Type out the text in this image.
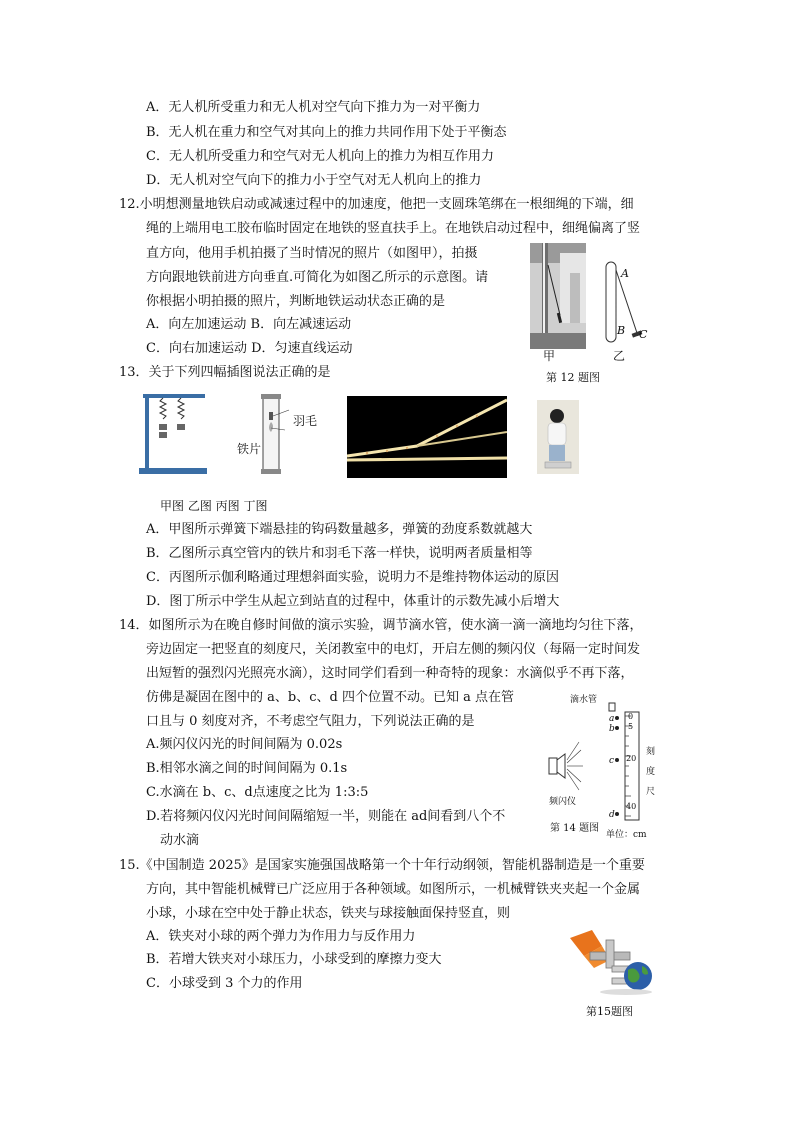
A．无人机所受重力和无人机对空气向下推力为一对平衡力
B．无人机在重力和空气对其向上的推力共同作用下处于平衡态
C．无人机所受重力和空气对无人机向上的推力为相互作用力
D．无人机对空气向下的推力小于空气对无人机向上的推力
12.小明想测量地铁启动或减速过程中的加速度，他把一支圆珠笔绑在一根细绳的下端，细
绳的上端用电工胶布临时固定在地铁的竖直扶手上。在地铁启动过程中，细绳偏离了竖
直方向，他用手机拍摄了当时情况的照片（如图甲），拍摄
方向跟地铁前进方向垂直.可简化为如图乙所示的示意图。请
你根据小明拍摄的照片，判断地铁运动状态正确的是
A．向左加速运动 B．向左减速运动
C．向右加速运动 D．匀速直线运动	甲
A
B C
乙
第 12 题图
13．关于下列四幅插图说法正确的是
羽毛
铁片
甲图 乙图 丙图 丁图
A．甲图所示弹簧下端悬挂的钩码数量越多，弹簧的劲度系数就越大
B．乙图所示真空管内的铁片和羽毛下落一样快，说明两者质量相等
C．丙图所示伽利略通过理想斜面实验，说明力不是维持物体运动的原因
D．图丁所示中学生从起立到站直的过程中，体重计的示数先减小后增大
14．如图所示为在晚自修时间做的演示实验，调节滴水管，使水滴一滴一滴地均匀往下落，
旁边固定一把竖直的刻度尺，关闭教室中的电灯，开启左侧的频闪仪（每隔一定时间发
出短暂的强烈闪光照亮水滴），这时同学们看到一种奇特的现象：水滴似乎不再下落，
仿佛是凝固在图中的 a、b、c、d 四个位置不动。已知 a 点在管
口且与 0 刻度对齐，不考虑空气阻力，下列说法正确的是
A.频闪仪闪光的时间间隔为 0.02s
B.相邻水滴之间的时间间隔为 0.1s
C.水滴在 b、c、d点速度之比为 1:3:5
D.若将频闪仪闪光时间间隔缩短一半，则能在 ad间看到八个不
动水滴
滴水管
频闪仪
a
b
c
d
0
5
20
40
刻度尺
单位：cm
第 14 题图
15.《中国制造 2025》是国家实施强国战略第一个十年行动纲领，智能机器制造是一个重要
方向，其中智能机械臂已广泛应用于各种领域。如图所示，一机械臂铁夹夹起一个金属
小球，小球在空中处于静止状态，铁夹与球接触面保持竖直，则
A．铁夹对小球的两个弹力为作用力与反作用力
B．若增大铁夹对小球压力，小球受到的摩擦力变大
C．小球受到 3 个力的作用
第15题图
